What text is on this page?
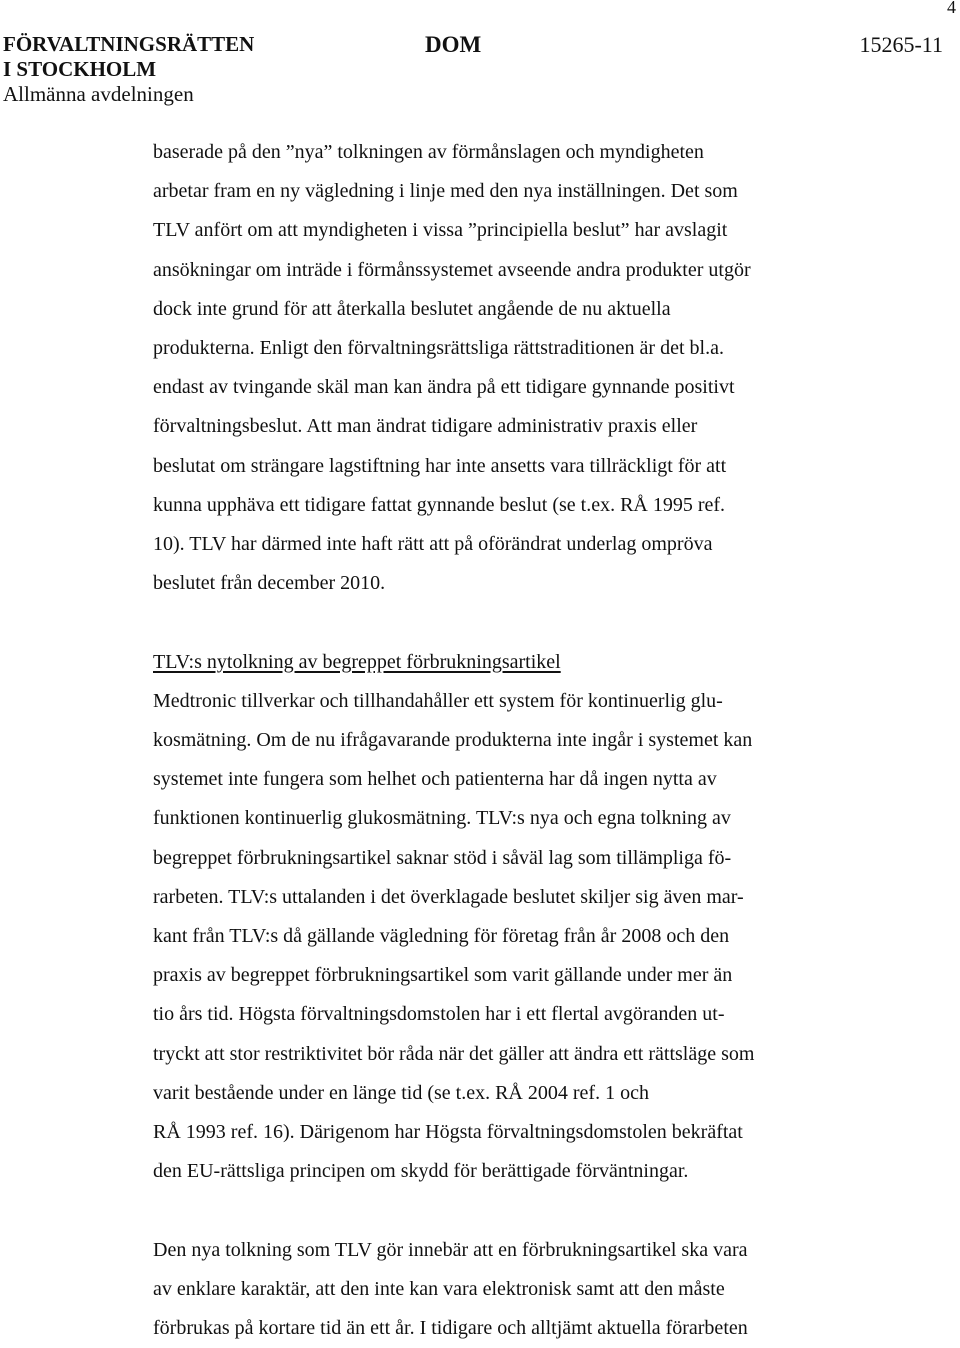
4
FÖRVALTNINGSRÄTTEN
I STOCKHOLM
Allmänna avdelningen
DOM	15265-11

baserade på den ”nya” tolkningen av förmånslagen och myndigheten
arbetar fram en ny vägledning i linje med den nya inställningen. Det som
TLV anfört om att myndigheten i vissa ”principiella beslut” har avslagit
ansökningar om inträde i förmånssystemet avseende andra produkter utgör
dock inte grund för att återkalla beslutet angående de nu aktuella
produkterna. Enligt den förvaltningsrättsliga rättstraditionen är det bl.a.
endast av tvingande skäl man kan ändra på ett tidigare gynnande positivt
förvaltningsbeslut. Att man ändrat tidigare administrativ praxis eller
beslutat om strängare lagstiftning har inte ansetts vara tillräckligt för att
kunna upphäva ett tidigare fattat gynnande beslut (se t.ex. RÅ 1995 ref.
10). TLV har därmed inte haft rätt att på oförändrat underlag ompröva
beslutet från december 2010.

TLV:s nytolkning av begreppet förbrukningsartikel

Medtronic tillverkar och tillhandahåller ett system för kontinuerlig glu-
kosmätning. Om de nu ifrågavarande produkterna inte ingår i systemet kan
systemet inte fungera som helhet och patienterna har då ingen nytta av
funktionen kontinuerlig glukosmätning. TLV:s nya och egna tolkning av
begreppet förbrukningsartikel saknar stöd i såväl lag som tillämpliga fö-
rarbeten. TLV:s uttalanden i det överklagade beslutet skiljer sig även mar-
kant från TLV:s då gällande vägledning för företag från år 2008 och den
praxis av begreppet förbrukningsartikel som varit gällande under mer än
tio års tid. Högsta förvaltningsdomstolen har i ett flertal avgöranden ut-
tryckt att stor restriktivitet bör råda när det gäller att ändra ett rättsläge som
varit bestående under en länge tid (se t.ex. RÅ 2004 ref. 1 och
RÅ 1993 ref. 16). Därigenom har Högsta förvaltningsdomstolen bekräftat
den EU-rättsliga principen om skydd för berättigade förväntningar.

Den nya tolkning som TLV gör innebär att en förbrukningsartikel ska vara
av enklare karaktär, att den inte kan vara elektronisk samt att den måste
förbrukas på kortare tid än ett år. I tidigare och alltjämt aktuella förarbeten
